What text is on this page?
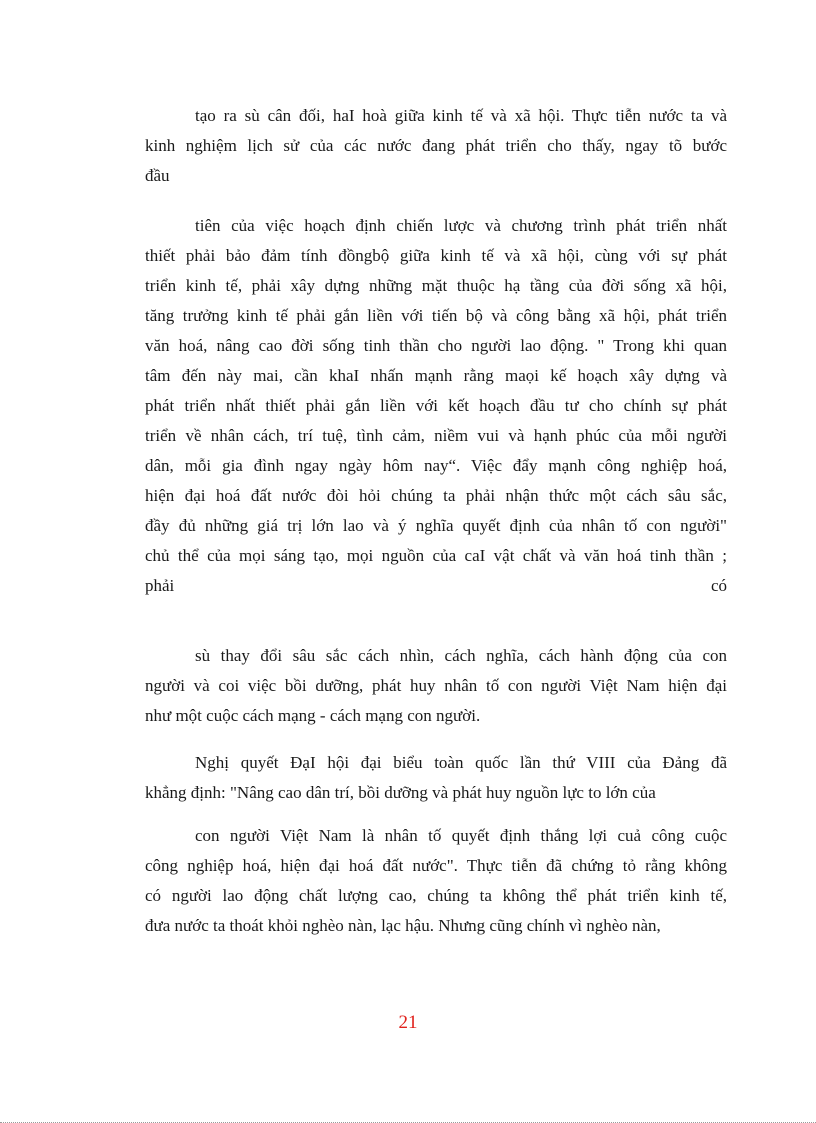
tạo ra sù cân đối, haI hoà giữa kinh tế và xã hội. Thực tiễn nước ta và
kinh nghiệm lịch sử của các nước đang phát triển cho thấy, ngay tõ bước
đầu
tiên của việc hoạch định chiến lược và chương trình phát triển nhất
thiết phải bảo đảm tính đồngbộ giữa kinh tế và xã hội, cùng với sự phát
triển kinh tế, phải xây dựng những mặt thuộc hạ tầng của đời sống xã hội,
tăng trưởng kinh tế phải gắn liền với tiến bộ và công bằng xã hội, phát triển
văn hoá, nâng cao đời sống tinh thần cho người lao động. " Trong khi quan
tâm đến này mai, cần khaI nhấn mạnh rằng maọi kế hoạch xây dựng và
phát triển nhất thiết phải gắn liền với kết hoạch đầu tư cho chính sự phát
triển về nhân cách, trí tuệ, tình cảm, niềm vui và hạnh phúc của mỗi người
dân, mỗi gia đình ngay ngày hôm nay“. Việc đẩy mạnh công nghiệp hoá,
hiện đại hoá đất nước đòi hỏi chúng ta phải nhận thức một cách sâu sắc,
đầy đủ những giá trị lớn lao và ý nghĩa quyết định của nhân tố con người"
chủ thể của mọi sáng tạo, mọi nguồn của caI vật chất và văn hoá tinh thần ;
phải	có
sù thay đổi sâu sắc cách nhìn, cách nghĩa, cách hành động của con
người và coi việc bồi dưỡng, phát huy nhân tố con người Việt Nam hiện đại
như một cuộc cách mạng - cách mạng con người.
Nghị quyết ĐạI hội đại biểu toàn quốc lần thứ VIII của Đảng đã
khẳng định: "Nâng cao dân trí, bồi dưỡng và phát huy nguồn lực to lớn của
con người Việt Nam là nhân tố quyết định thắng lợi cuả công cuộc
công nghiệp hoá, hiện đại hoá đất nước". Thực tiễn đã chứng tỏ rằng không
có người lao động chất lượng cao, chúng ta không thể phát triển kinh tế,
đưa nước ta thoát khỏi nghèo nàn, lạc hậu. Nhưng cũng chính vì nghèo nàn,
21
